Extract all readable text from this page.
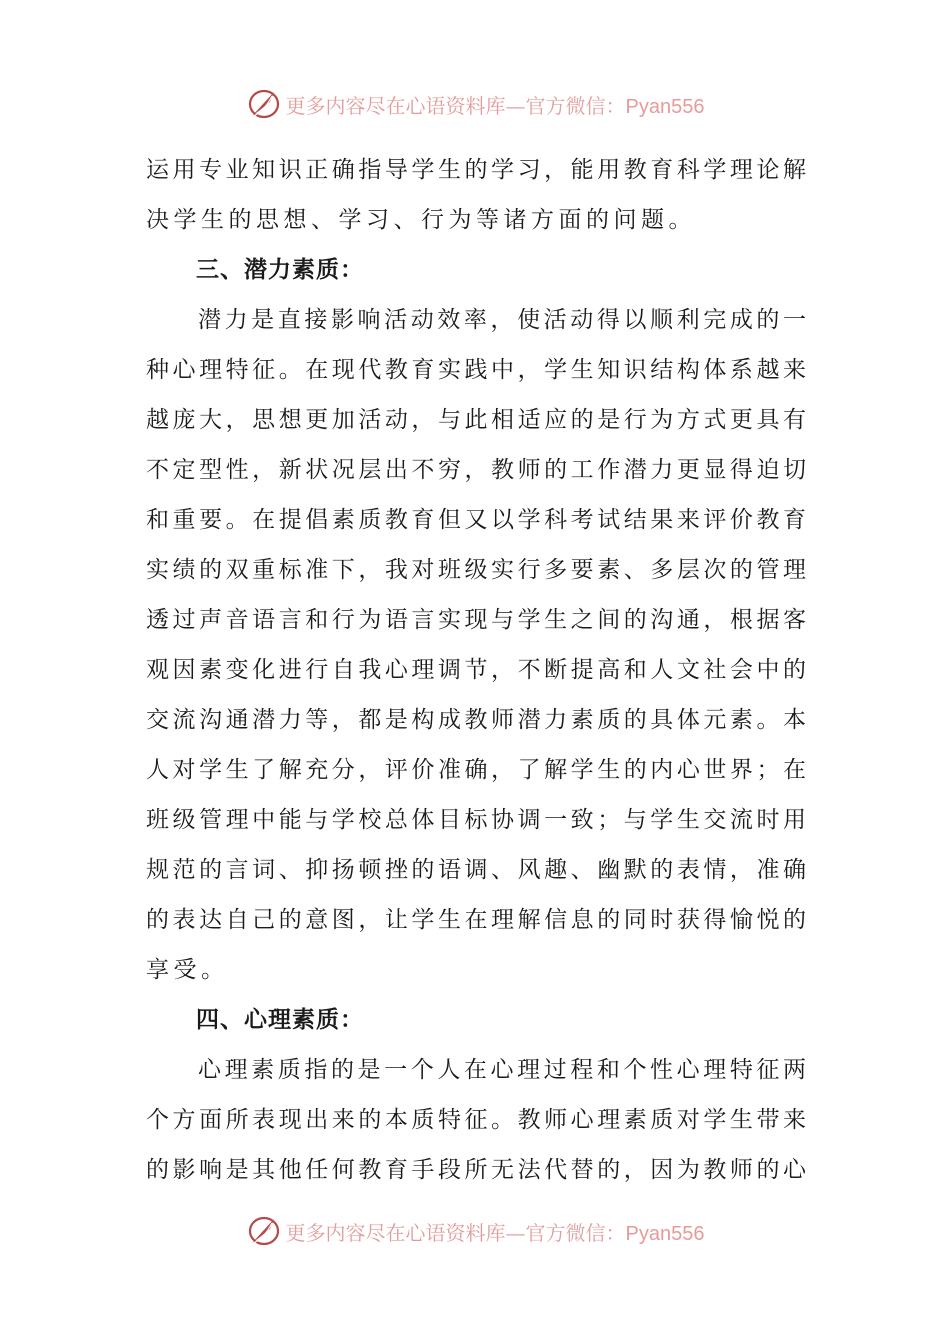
更多内容尽在心语资料库—官方微信：Pyan556
运用专业知识正确指导学生的学习，能用教育科学理论解
决学生的思想、学习、行为等诸方面的问题。
三、潜力素质：
潜力是直接影响活动效率，使活动得以顺利完成的一
种心理特征。在现代教育实践中，学生知识结构体系越来
越庞大，思想更加活动，与此相适应的是行为方式更具有
不定型性，新状况层出不穷，教师的工作潜力更显得迫切
和重要。在提倡素质教育但又以学科考试结果来评价教育
实绩的双重标准下，我对班级实行多要素、多层次的管理
透过声音语言和行为语言实现与学生之间的沟通，根据客
观因素变化进行自我心理调节，不断提高和人文社会中的
交流沟通潜力等，都是构成教师潜力素质的具体元素。本
人对学生了解充分，评价准确，了解学生的内心世界；在
班级管理中能与学校总体目标协调一致；与学生交流时用
规范的言词、抑扬顿挫的语调、风趣、幽默的表情，准确
的表达自己的意图，让学生在理解信息的同时获得愉悦的
享受。
四、心理素质：
心理素质指的是一个人在心理过程和个性心理特征两
个方面所表现出来的本质特征。教师心理素质对学生带来
的影响是其他任何教育手段所无法代替的，因为教师的心
更多内容尽在心语资料库—官方微信：Pyan556
